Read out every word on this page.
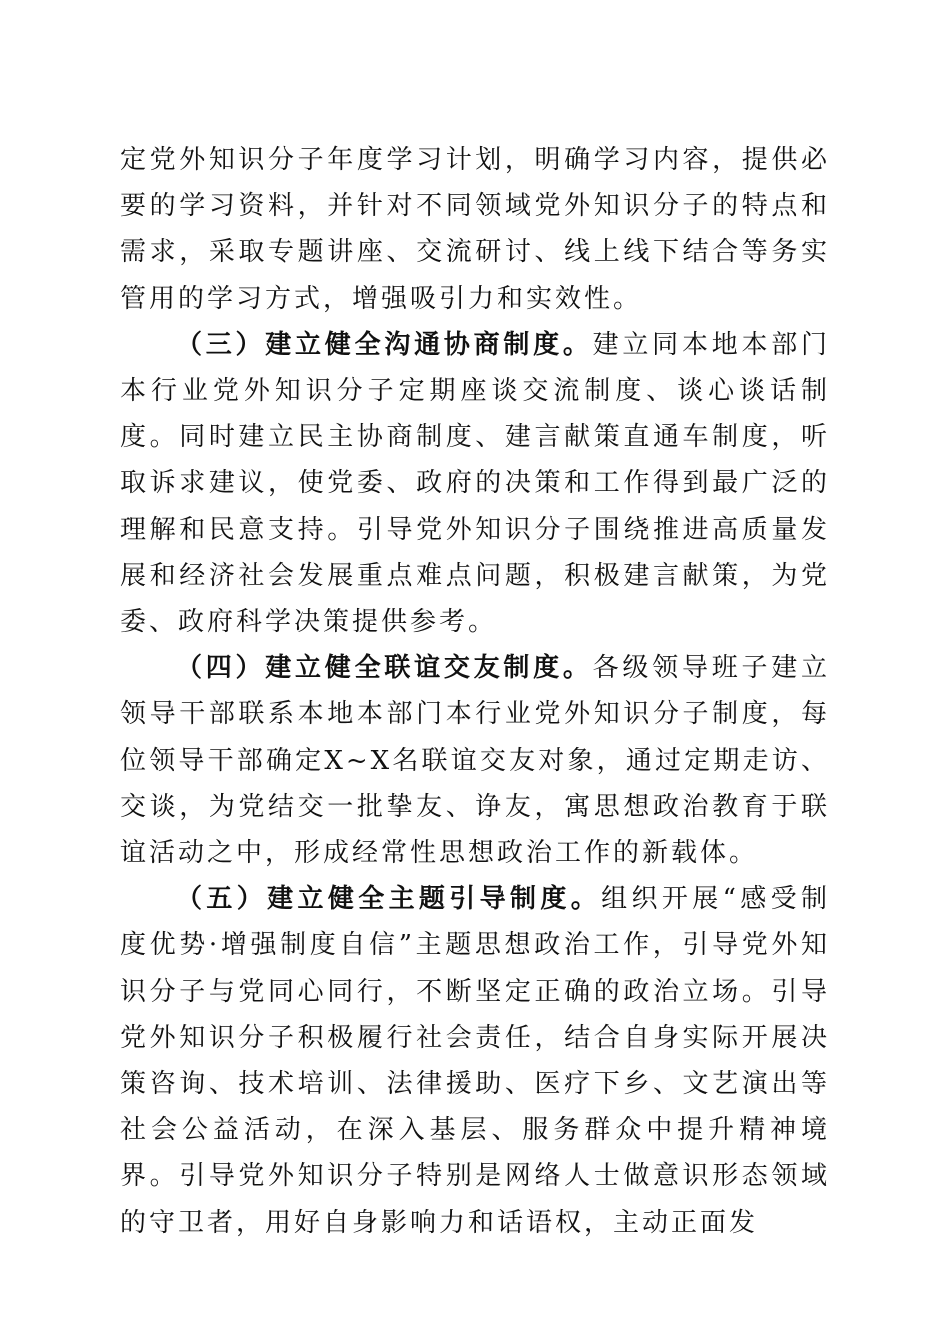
定党外知识分子年度学习计划，明确学习内容，提供必要的学习资料，并针对不同领域党外知识分子的特点和需求，采取专题讲座、交流研讨、线上线下结合等务实管用的学习方式，增强吸引力和实效性。

（三）建立健全沟通协商制度。建立同本地本部门本行业党外知识分子定期座谈交流制度、谈心谈话制度。同时建立民主协商制度、建言献策直通车制度，听取诉求建议，使党委、政府的决策和工作得到最广泛的理解和民意支持。引导党外知识分子围绕推进高质量发展和经济社会发展重点难点问题，积极建言献策，为党委、政府科学决策提供参考。

（四）建立健全联谊交友制度。各级领导班子建立领导干部联系本地本部门本行业党外知识分子制度，每位领导干部确定X~X名联谊交友对象，通过定期走访、交谈，为党结交一批挚友、诤友，寓思想政治教育于联谊活动之中，形成经常性思想政治工作的新载体。

（五）建立健全主题引导制度。组织开展“感受制度优势·增强制度自信”主题思想政治工作，引导党外知识分子与党同心同行，不断坚定正确的政治立场。引导党外知识分子积极履行社会责任，结合自身实际开展决策咨询、技术培训、法律援助、医疗下乡、文艺演出等社会公益活动，在深入基层、服务群众中提升精神境界。引导党外知识分子特别是网络人士做意识形态领域的守卫者，用好自身影响力和话语权，主动正面发
